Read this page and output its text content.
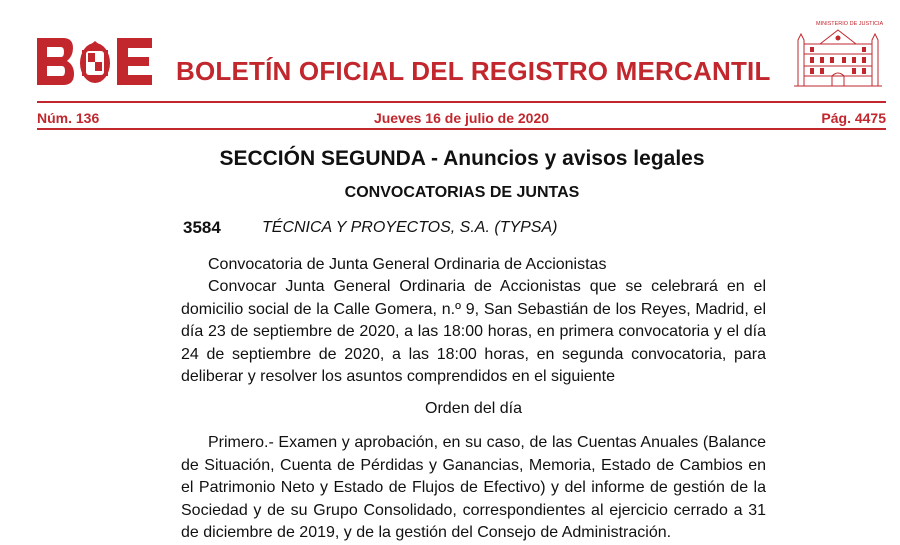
BOLETÍN OFICIAL DEL REGISTRO MERCANTIL
MINISTERIO DE JUSTICIA
Núm. 136	Jueves 16 de julio de 2020	Pág. 4475
SECCIÓN SEGUNDA - Anuncios y avisos legales
CONVOCATORIAS DE JUNTAS
3584	TÉCNICA Y PROYECTOS, S.A. (TYPSA)
Convocatoria de Junta General Ordinaria de Accionistas
Convocar Junta General Ordinaria de Accionistas que se celebrará en el domicilio social de la Calle Gomera, n.º 9, San Sebastián de los Reyes, Madrid, el día 23 de septiembre de 2020, a las 18:00 horas, en primera convocatoria y el día 24 de septiembre de 2020, a las 18:00 horas, en segunda convocatoria, para deliberar y resolver los asuntos comprendidos en el siguiente
Orden del día
Primero.- Examen y aprobación, en su caso, de las Cuentas Anuales (Balance de Situación, Cuenta de Pérdidas y Ganancias, Memoria, Estado de Cambios en el Patrimonio Neto y Estado de Flujos de Efectivo) y del informe de gestión de la Sociedad y de su Grupo Consolidado, correspondientes al ejercicio cerrado a 31 de diciembre de 2019, y de la gestión del Consejo de Administración.
